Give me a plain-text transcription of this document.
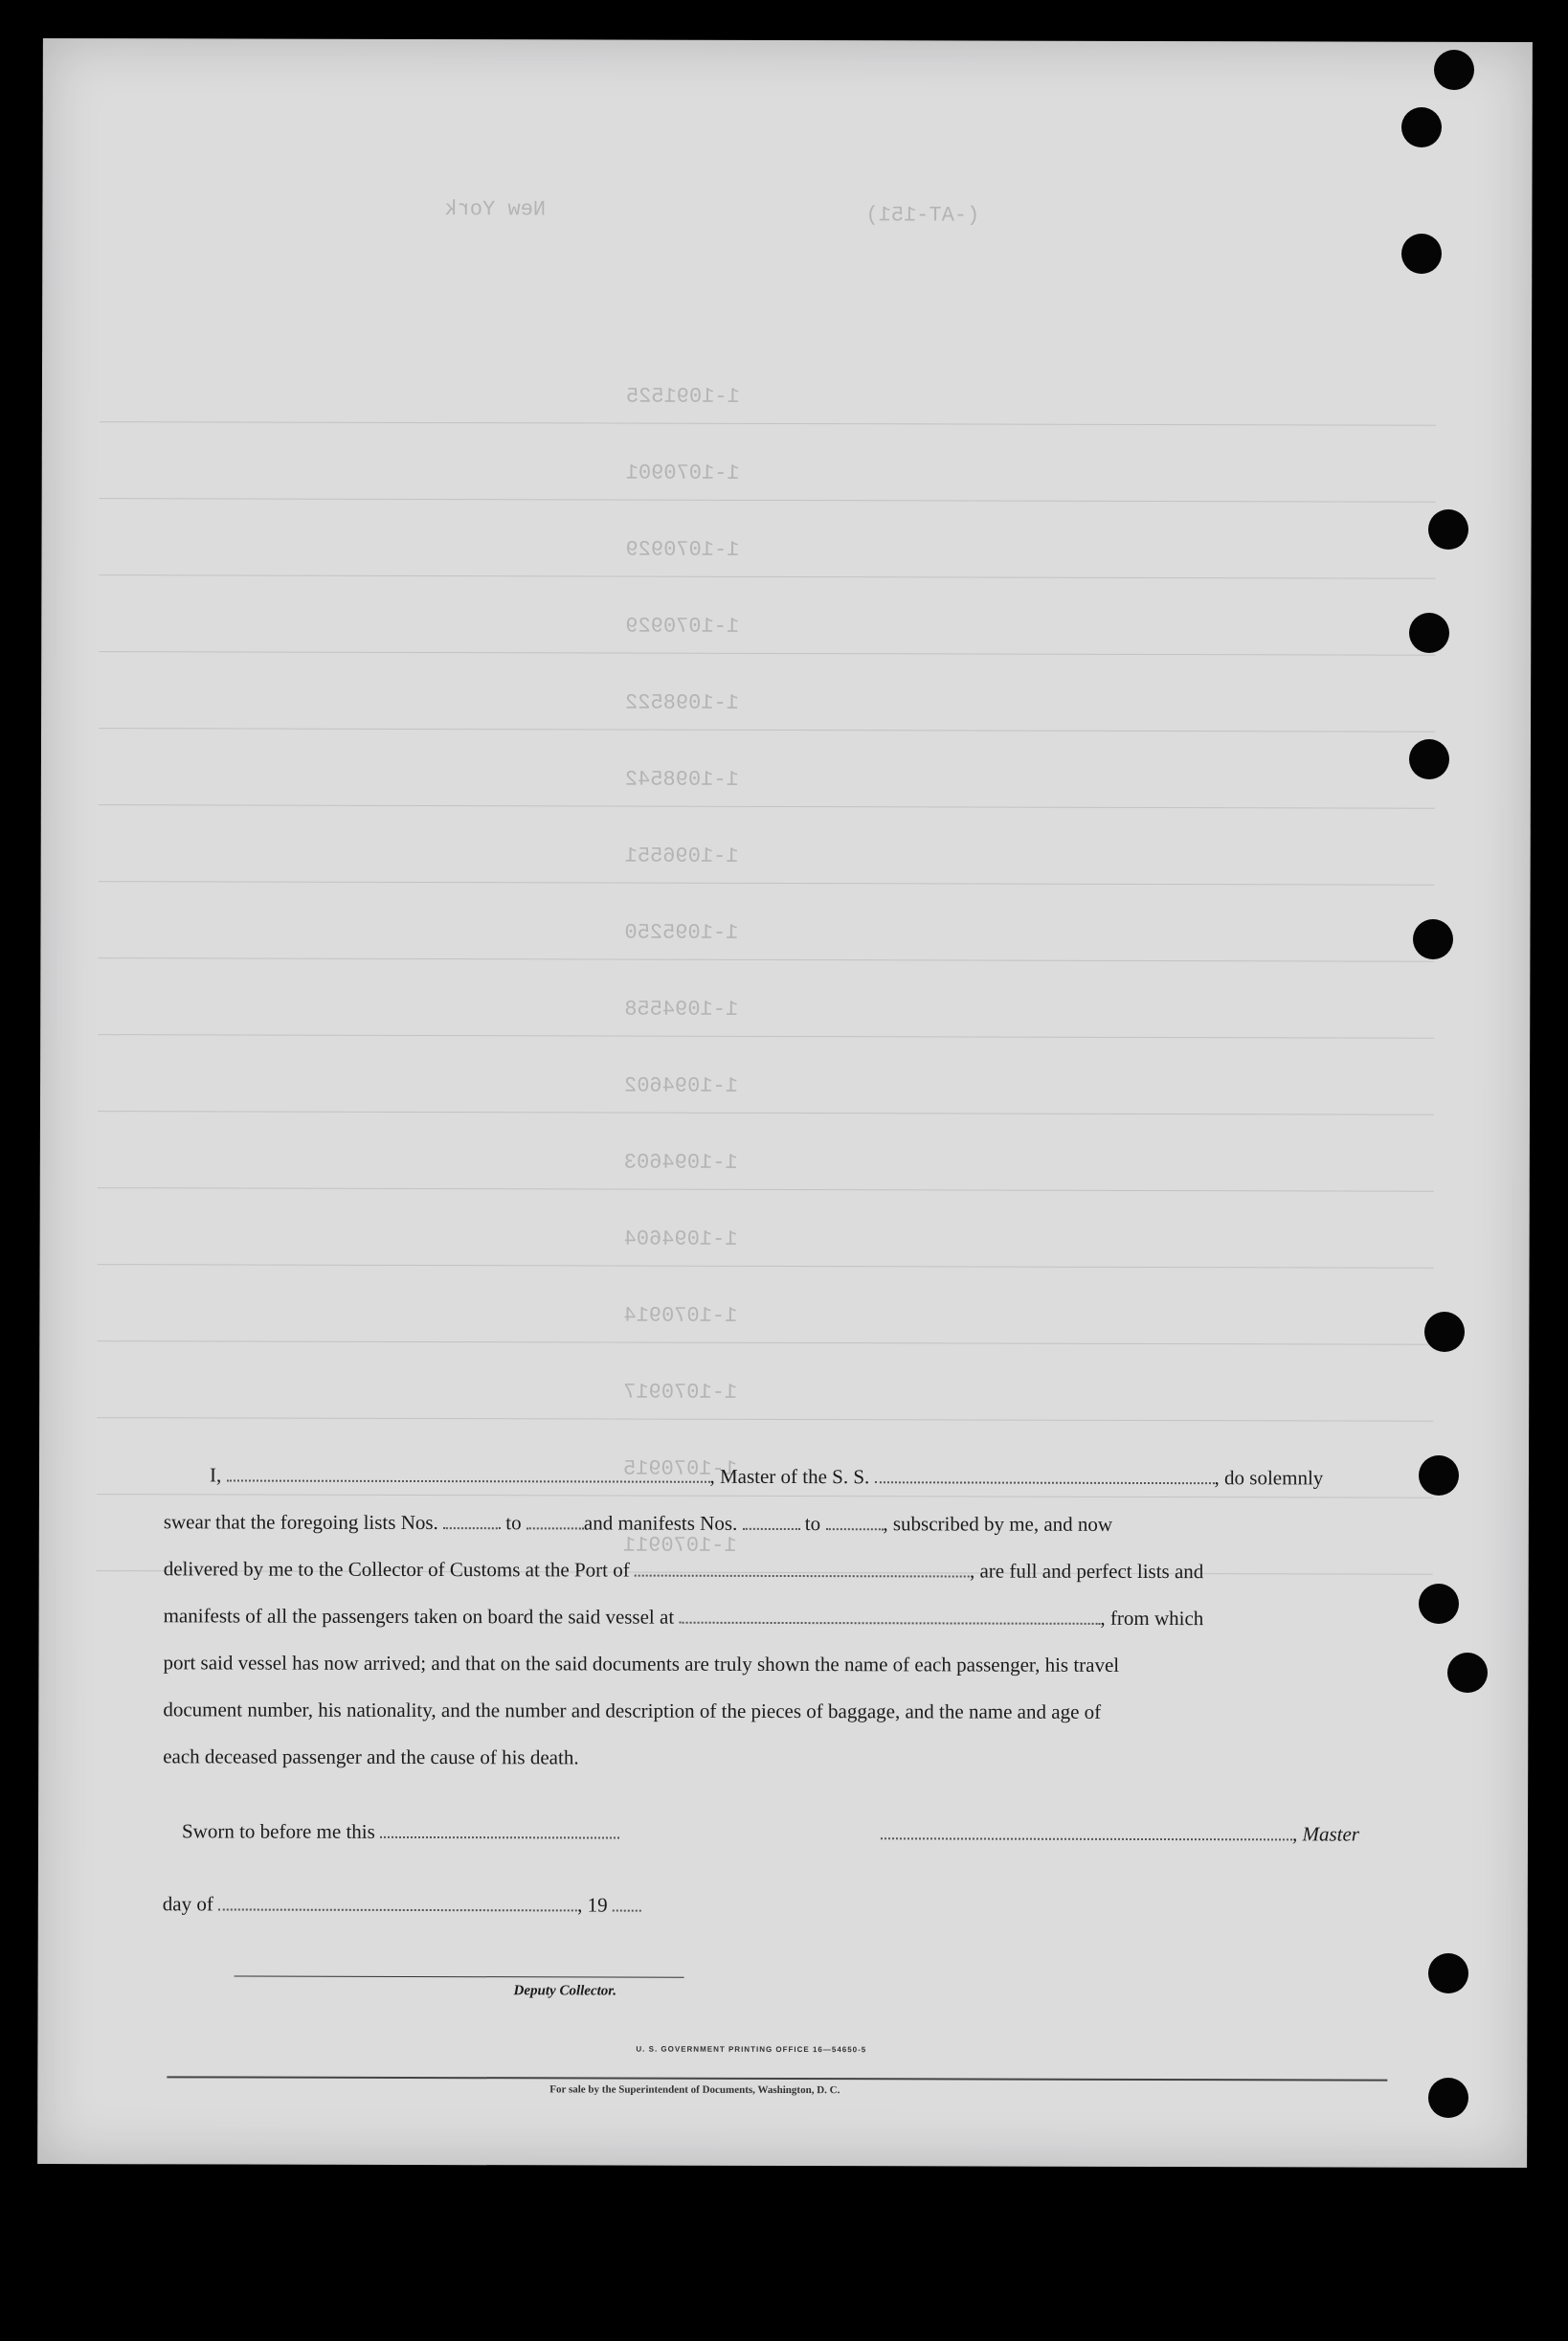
New York	(-AT-151)
1-1091525
1-1070901
1-1070929
1-1070929
1-1098522
1-1098542
1-1096551
1-1095250
1-1094558
1-1094602
1-1094603
1-1094604
1-1070914
1-1070917
1-1070915
1-1070911
I,	, Master of the S. S.	, do solemnly
swear that the foregoing lists Nos.	to	and manifests Nos.	to	, subscribed by me, and now
delivered by me to the Collector of Customs at the Port of	, are full and perfect lists and
manifests of all the passengers taken on board the said vessel at	, from which
port said vessel has now arrived; and that on the said documents are truly shown the name of each passenger, his travel
document number, his nationality, and the number and description of the pieces of baggage, and the name and age of
each deceased passenger and the cause of his death.
Sworn to before me this	, Master
day of	, 19
Deputy Collector.
U. S. GOVERNMENT PRINTING OFFICE 16—54650-5
For sale by the Superintendent of Documents, Washington, D. C.
